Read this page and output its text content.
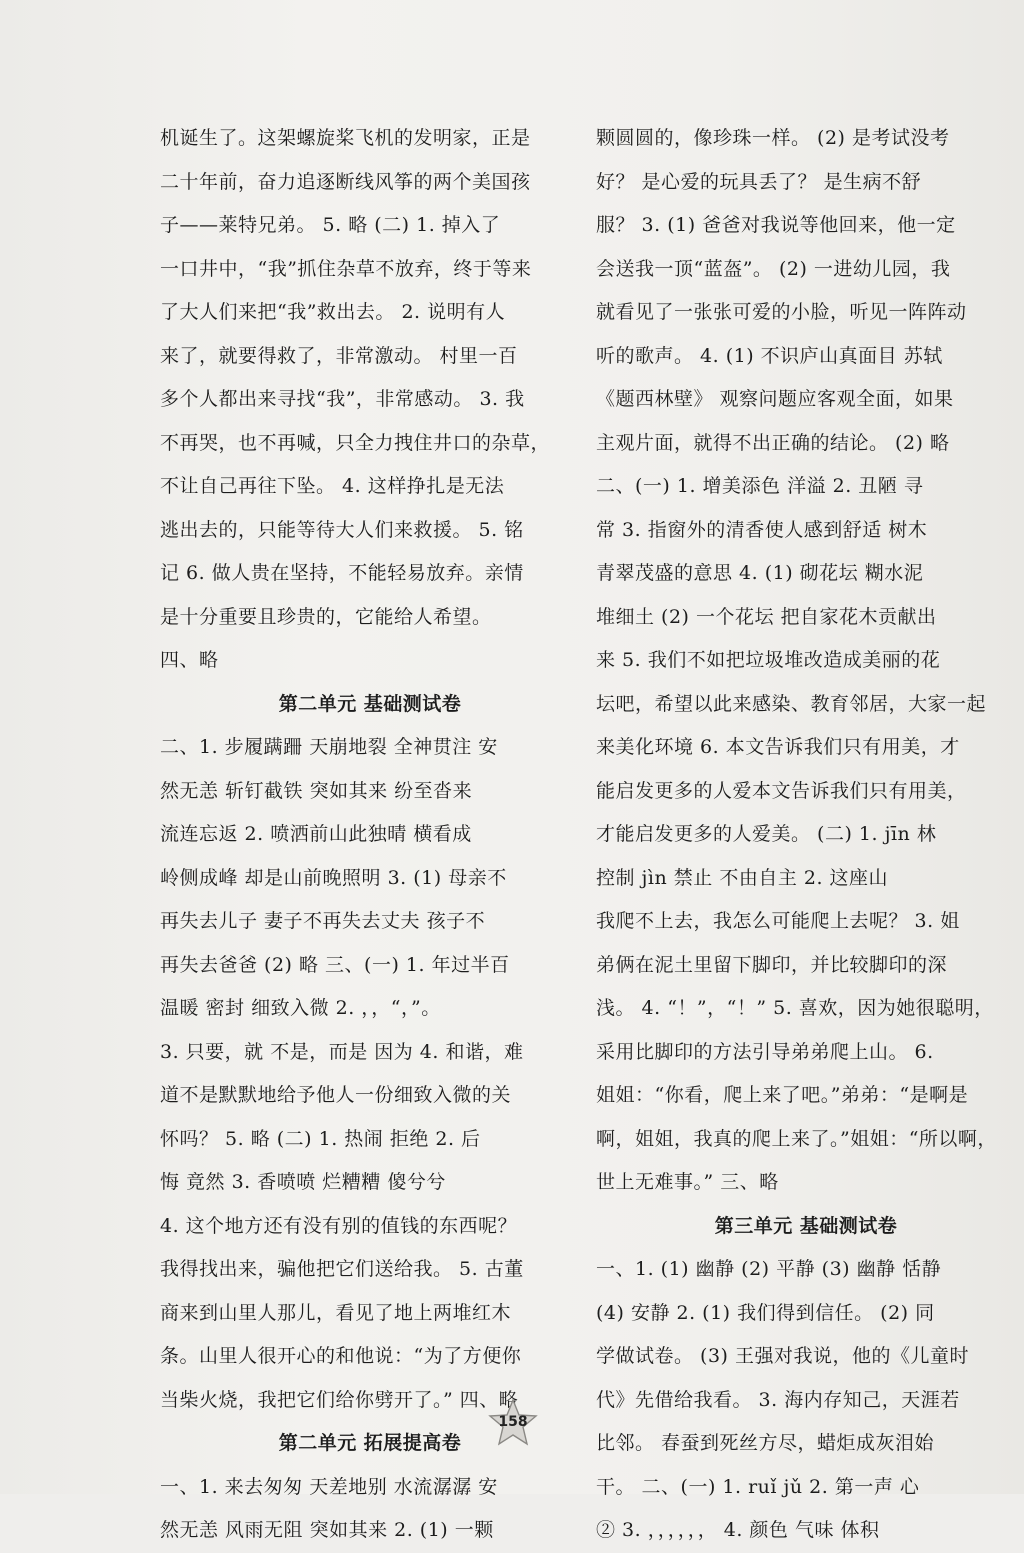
机诞生了。这架螺旋桨飞机的发明家，正是
二十年前，奋力追逐断线风筝的两个美国孩
子——莱特兄弟。 5. 略 (二) 1. 掉入了
一口井中，“我”抓住杂草不放弃，终于等来
了大人们来把“我”救出去。 2. 说明有人
来了，就要得救了，非常激动。 村里一百
多个人都出来寻找“我”，非常感动。 3. 我
不再哭，也不再喊，只全力拽住井口的杂草，
不让自己再往下坠。 4. 这样挣扎是无法
逃出去的，只能等待大人们来救援。 5. 铭
记 6. 做人贵在坚持，不能轻易放弃。亲情
是十分重要且珍贵的，它能给人希望。
四、略
第二单元 基础测试卷
二、1. 步履蹒跚 天崩地裂 全神贯注 安
然无恙 斩钉截铁 突如其来 纷至沓来
流连忘返 2. 喷洒前山此独晴 横看成
岭侧成峰 却是山前晚照明 3. (1) 母亲不
再失去儿子 妻子不再失去丈夫 孩子不
再失去爸爸 (2) 略 三、(一) 1. 年过半百
温暖 密封 细致入微 2. ，，“，”。
3. 只要，就 不是，而是 因为 4. 和谐，难
道不是默默地给予他人一份细致入微的关
怀吗？ 5. 略 (二) 1. 热闹 拒绝 2. 后
悔 竟然 3. 香喷喷 烂糟糟 傻兮兮
4. 这个地方还有没有别的值钱的东西呢？
我得找出来，骗他把它们送给我。 5. 古董
商来到山里人那儿，看见了地上两堆红木
条。山里人很开心的和他说：“为了方便你
当柴火烧，我把它们给你劈开了。” 四、略
第二单元 拓展提高卷
一、1. 来去匆匆 天差地别 水流潺潺 安
然无恙 风雨无阻 突如其来 2. (1) 一颗
颗圆圆的，像珍珠一样。 (2) 是考试没考
好？ 是心爱的玩具丢了？ 是生病不舒
服？ 3. (1) 爸爸对我说等他回来，他一定
会送我一顶“蓝盔”。 (2) 一进幼儿园，我
就看见了一张张可爱的小脸，听见一阵阵动
听的歌声。 4. (1) 不识庐山真面目 苏轼
《题西林壁》 观察问题应客观全面，如果
主观片面，就得不出正确的结论。 (2) 略
二、(一) 1. 增美添色 洋溢 2. 丑陋 寻
常 3. 指窗外的清香使人感到舒适 树木
青翠茂盛的意思 4. (1) 砌花坛 糊水泥
堆细土 (2) 一个花坛 把自家花木贡献出
来 5. 我们不如把垃圾堆改造成美丽的花
坛吧，希望以此来感染、教育邻居，大家一起
来美化环境 6. 本文告诉我们只有用美，才
能启发更多的人爱本文告诉我们只有用美，
才能启发更多的人爱美。 (二) 1. jīn 林
控制 jìn 禁止 不由自主 2. 这座山
我爬不上去，我怎么可能爬上去呢？ 3. 姐
弟俩在泥土里留下脚印，并比较脚印的深
浅。 4. “！”，“！” 5. 喜欢，因为她很聪明，
采用比脚印的方法引导弟弟爬上山。 6.
姐姐：“你看，爬上来了吧。”弟弟：“是啊是
啊，姐姐，我真的爬上来了。”姐姐：“所以啊，
世上无难事。” 三、略
第三单元 基础测试卷
一、1. (1) 幽静 (2) 平静 (3) 幽静 恬静
(4) 安静 2. (1) 我们得到信任。 (2) 同
学做试卷。 (3) 王强对我说，他的《儿童时
代》先借给我看。 3. 海内存知己，天涯若
比邻。 春蚕到死丝方尽，蜡炬成灰泪始
干。 二、(一) 1. ruǐ jǔ 2. 第一声 心
② 3. ，，，，，， 4. 颜色 气味 体积
158
